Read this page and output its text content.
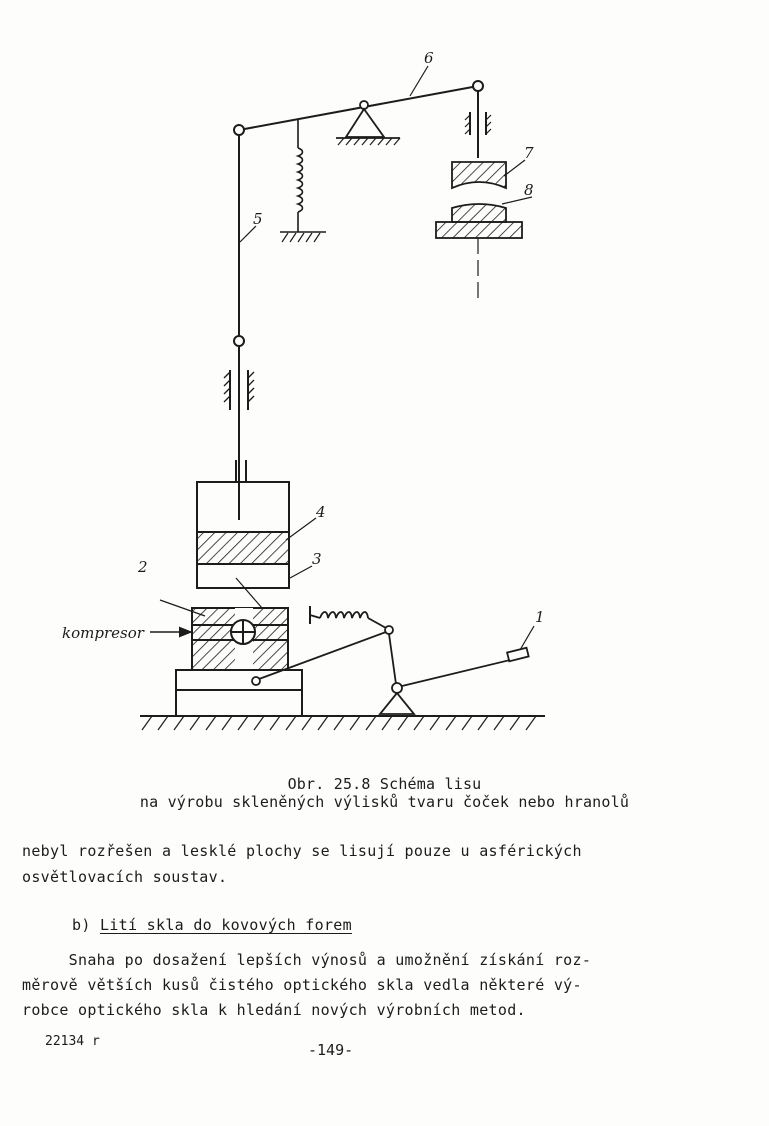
6
5
7
8
4
3
2
1
kompresor
Obr. 25.8 Schéma lisu
na výrobu skleněných výlisků tvaru čoček nebo hranolů
nebyl rozřešen a lesklé plochy se lisují pouze u asférických
osvětlovacích soustav.
b) Lití skla do kovových forem
Snaha po dosažení lepších výnosů a umožnění získání roz-
měrově větších kusů čistého optického skla vedla některé vý-
robce optického skla k hledání nových výrobních metod.
22134 r	-149-
